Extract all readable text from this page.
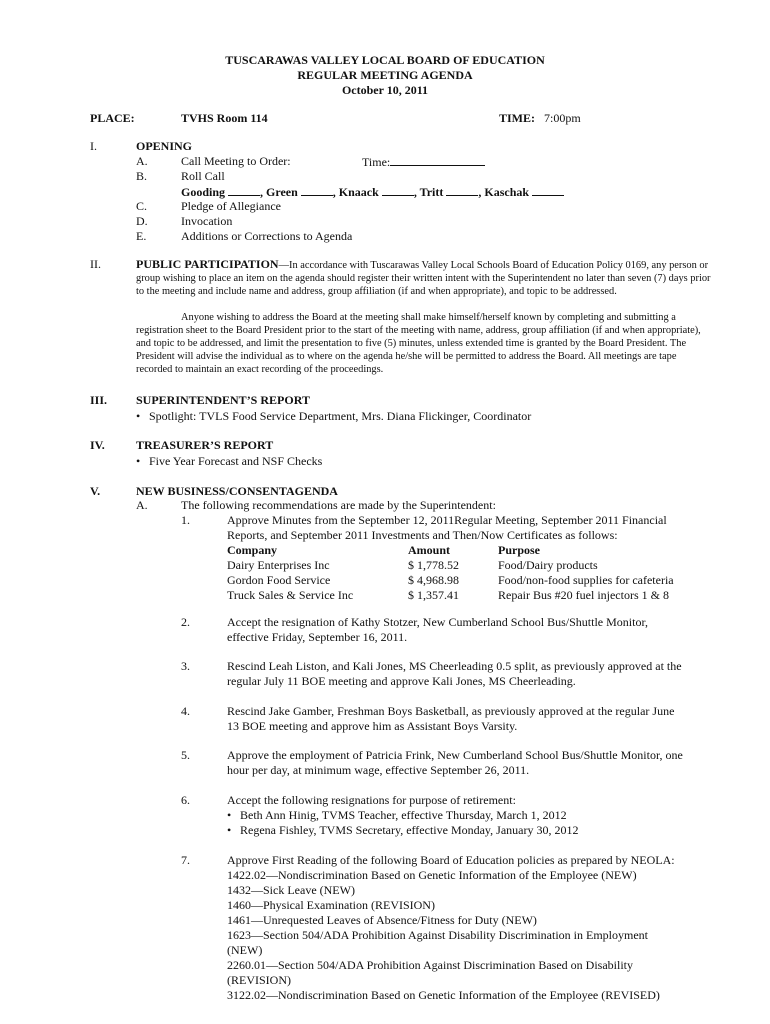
TUSCARAWAS VALLEY LOCAL BOARD OF EDUCATION
REGULAR MEETING AGENDA
October 10, 2011
PLACE:	TVHS Room 114	TIME: 7:00pm
I.	OPENING
A.	Call Meeting to Order:	Time:
B.	Roll Call
Gooding	, Green	, Knaack	, Tritt	, Kaschak
C.	Pledge of Allegiance
D.	Invocation
E.	Additions or Corrections to Agenda
II.	PUBLIC PARTICIPATION—In accordance with Tuscarawas Valley Local Schools Board of Education Policy 0169, any person or group wishing to place an item on the agenda should register their written intent with the Superintendent no later than seven (7) days prior to the meeting and include name and address, group affiliation (if and when appropriate), and topic to be addressed.
Anyone wishing to address the Board at the meeting shall make himself/herself known by completing and submitting a registration sheet to the Board President prior to the start of the meeting with name, address, group affiliation (if and when appropriate), and topic to be addressed, and limit the presentation to five (5) minutes, unless extended time is granted by the Board President. The President will advise the individual as to where on the agenda he/she will be permitted to address the Board. All meetings are tape recorded to maintain an exact recording of the proceedings.
III. SUPERINTENDENT’S REPORT
• Spotlight: TVLS Food Service Department, Mrs. Diana Flickinger, Coordinator
IV.	TREASURER’S REPORT
• Five Year Forecast and NSF Checks
V.	NEW BUSINESS/CONSENTAGENDA
A.	The following recommendations are made by the Superintendent:
1.	Approve Minutes from the September 12, 2011Regular Meeting, September 2011 Financial
Reports, and September 2011 Investments and Then/Now Certificates as follows:
Company	Amount	Purpose
Dairy Enterprises Inc	$ 1,778.52	Food/Dairy products
Gordon Food Service	$ 4,968.98	Food/non-food supplies for cafeteria
Truck Sales & Service Inc	$ 1,357.41	Repair Bus #20 fuel injectors 1 & 8
2.	Accept the resignation of Kathy Stotzer, New Cumberland School Bus/Shuttle Monitor,
effective Friday, September 16, 2011.
3.	Rescind Leah Liston, and Kali Jones, MS Cheerleading 0.5 split, as previously approved at the
regular July 11 BOE meeting and approve Kali Jones, MS Cheerleading.
4.	Rescind Jake Gamber, Freshman Boys Basketball, as previously approved at the regular June
13 BOE meeting and approve him as Assistant Boys Varsity.
5.	Approve the employment of Patricia Frink, New Cumberland School Bus/Shuttle Monitor, one
hour per day, at minimum wage, effective September 26, 2011.
6.	Accept the following resignations for purpose of retirement:
• Beth Ann Hinig, TVMS Teacher, effective Thursday, March 1, 2012
• Regena Fishley, TVMS Secretary, effective Monday, January 30, 2012
7.	Approve First Reading of the following Board of Education policies as prepared by NEOLA:
1422.02—Nondiscrimination Based on Genetic Information of the Employee (NEW)
1432—Sick Leave (NEW)
1460—Physical Examination (REVISION)
1461—Unrequested Leaves of Absence/Fitness for Duty (NEW)
1623—Section 504/ADA Prohibition Against Disability Discrimination in Employment
(NEW)
2260.01—Section 504/ADA Prohibition Against Discrimination Based on Disability
(REVISION)
3122.02—Nondiscrimination Based on Genetic Information of the Employee (REVISED)
